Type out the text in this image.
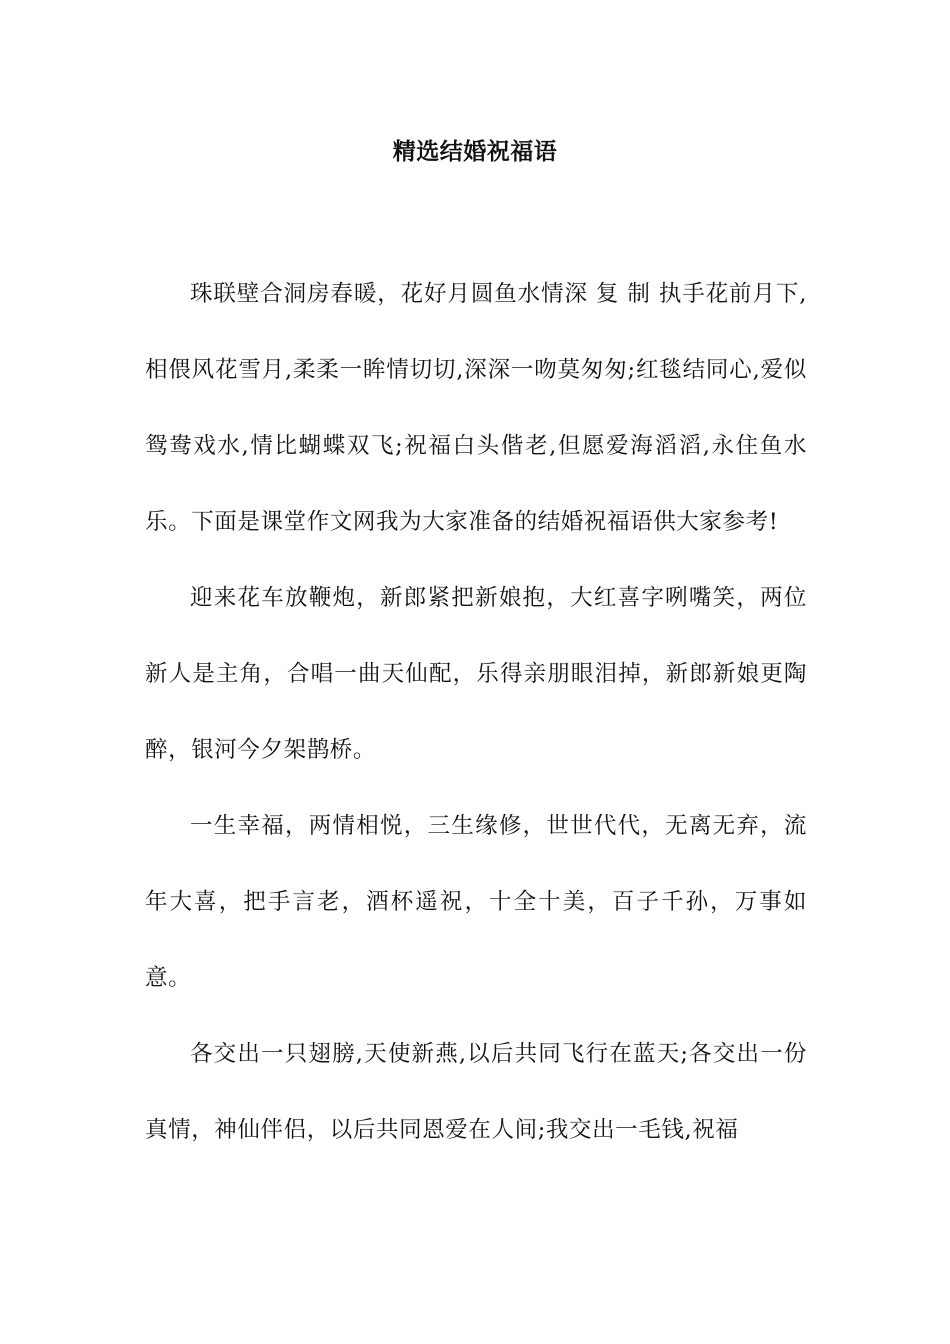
精选结婚祝福语

珠联壁合洞房春暖，花好月圆鱼水情深 复 制 执手花前月下,相偎风花雪月,柔柔一眸情切切,深深一吻莫匆匆;红毯结同心,爱似鸳鸯戏水,情比蝴蝶双飞;祝福白头偕老,但愿爱海滔滔,永住鱼水乐。下面是课堂作文网我为大家准备的结婚祝福语供大家参考!

迎来花车放鞭炮，新郎紧把新娘抱，大红喜字咧嘴笑，两位新人是主角，合唱一曲天仙配，乐得亲朋眼泪掉，新郎新娘更陶醉，银河今夕架鹊桥。

一生幸福，两情相悦，三生缘修，世世代代，无离无弃，流年大喜，把手言老，酒杯遥祝，十全十美，百子千孙，万事如意。

各交出一只翅膀,天使新燕,以后共同飞行在蓝天;各交出一份真情，神仙伴侣，以后共同恩爱在人间;我交出一毛钱,祝福
